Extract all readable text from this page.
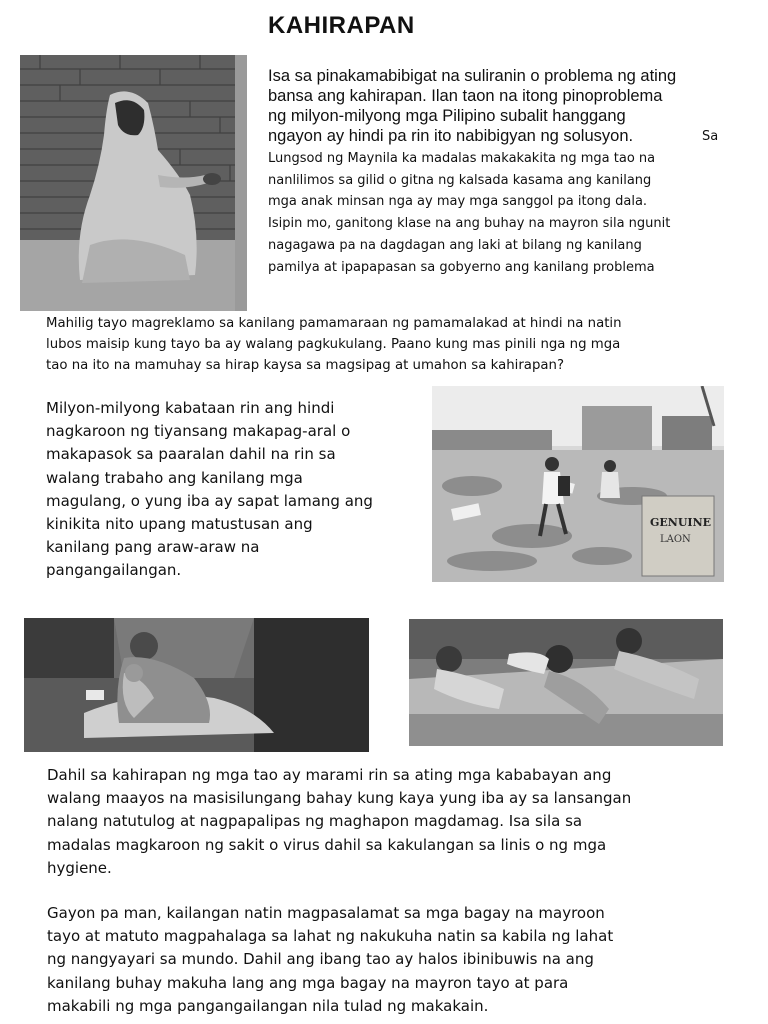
KAHIRAPAN

Isa sa pinakamabibigat na suliranin o problema ng ating
bansa ang kahirapan. Ilan taon na itong pinoproblema
ng milyon-milyong mga Pilipino subalit hanggang
ngayon ay hindi pa rin ito nabibigyan ng solusyon.	Sa

Lungsod ng Maynila ka madalas makakakita ng mga tao na
nanlilimos sa gilid o gitna ng kalsada kasama ang kanilang
mga anak minsan nga ay may mga sanggol pa itong dala.
Isipin mo, ganitong klase na ang buhay na mayron sila ngunit
nagagawa pa na dagdagan ang laki at bilang ng kanilang
pamilya at ipapapasan sa gobyerno ang kanilang problema

Mahilig tayo magreklamo sa kanilang pamamaraan ng pamamalakad at hindi na natin
lubos maisip kung tayo ba ay walang pagkukulang. Paano kung mas pinili nga ng mga
tao na ito na mamuhay sa hirap kaysa sa magsipag at umahon sa kahirapan?

Milyon-milyong kabataan rin ang hindi
nagkaroon ng tiyansang makapag-aral o
makapasok sa paaralan dahil na rin sa
walang trabaho ang kanilang mga
magulang, o yung iba ay sapat lamang ang
kinikita nito upang matustusan ang
kanilang pang araw-araw na
pangangailangan.

GENUINE
LAON

Dahil sa kahirapan ng mga tao ay marami rin sa ating mga kababayan ang
walang maayos na masisilungang bahay kung kaya yung iba ay sa lansangan
nalang natutulog at nagpapalipas ng maghapon magdamag. Isa sila sa
madalas magkaroon ng sakit o virus dahil sa kakulangan sa linis o ng mga
hygiene.

Gayon pa man, kailangan natin magpasalamat sa mga bagay na mayroon
tayo at matuto magpahalaga sa lahat ng nakukuha natin sa kabila ng lahat
ng nangyayari sa mundo. Dahil ang ibang tao ay halos ibinibuwis na ang
kanilang buhay makuha lang ang mga bagay na mayron tayo at para
makabili ng mga pangangailangan nila tulad ng makakain.
